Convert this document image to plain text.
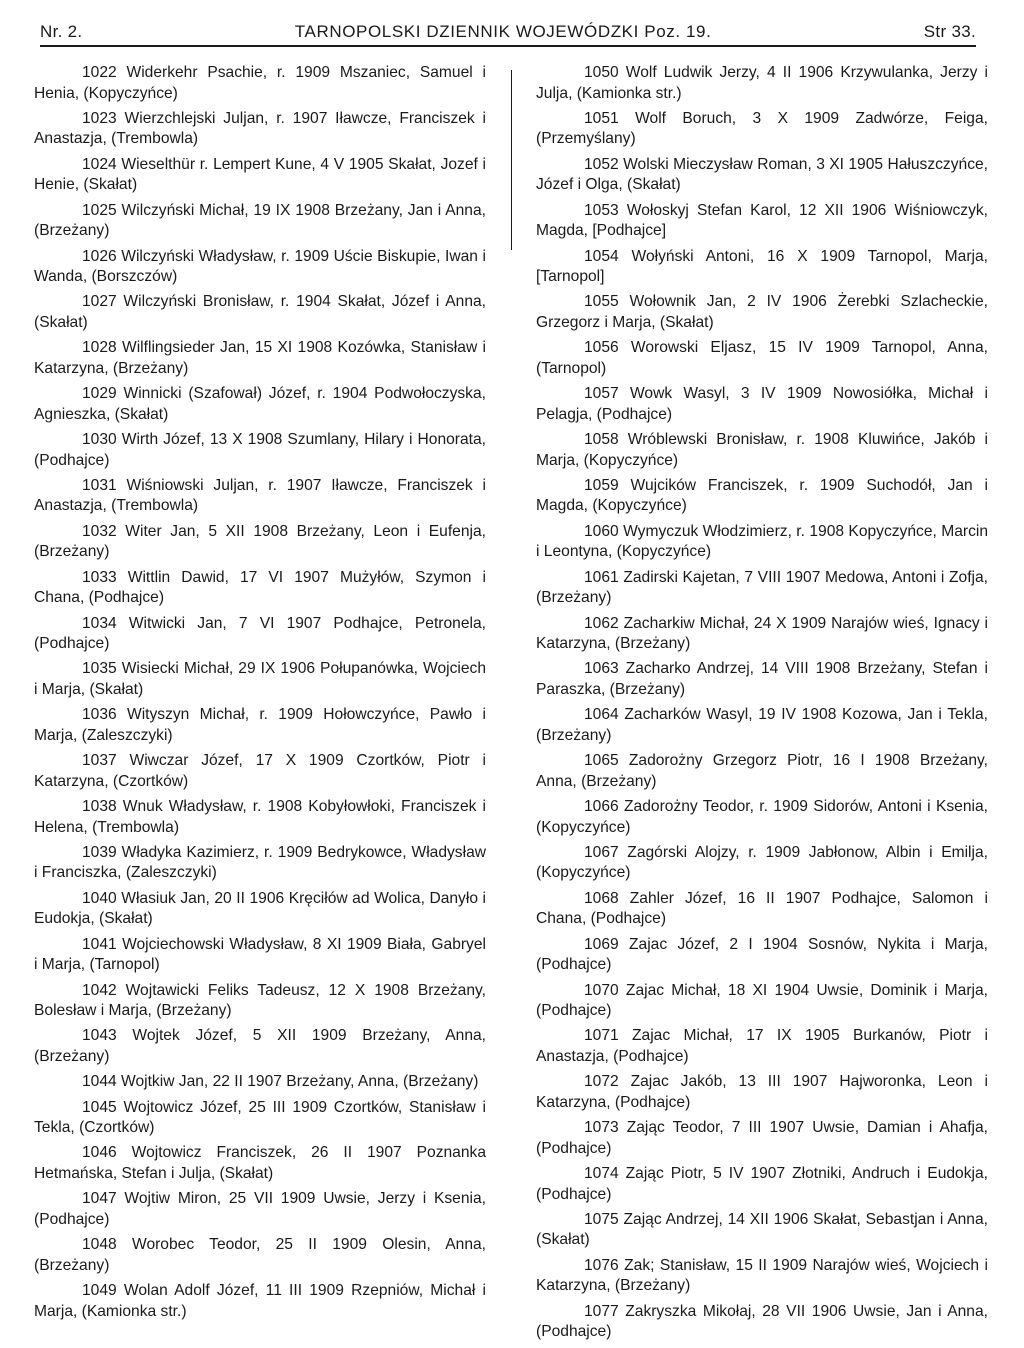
Nr. 2.	TARNOPOLSKI DZIENNIK WOJEWÓDZKI Poz. 19.	Str 33.

1022 Widerkehr Psachie, r. 1909 Mszaniec, Samuel i Henia, (Kopyczyńce)

1023 Wierzchlejski Juljan, r. 1907 Iławcze, Franciszek i Anastazja, (Trembowla)

1024 Wieselthür r. Lempert Kune, 4 V 1905 Skałat, Jozef i Henie, (Skałat)

1025 Wilczyński Michał, 19 IX 1908 Brzeżany, Jan i Anna, (Brzeżany)

1026 Wilczyński Władysław, r. 1909 Uście Biskupie, Iwan i Wanda, (Borszczów)

1027 Wilczyński Bronisław, r. 1904 Skałat, Józef i Anna, (Skałat)

1028 Wilflingsieder Jan, 15 XI 1908 Kozówka, Stanisław i Katarzyna, (Brzeżany)

1029 Winnicki (Szafował) Józef, r. 1904 Podwołoczyska, Agnieszka, (Skałat)

1030 Wirth Józef, 13 X 1908 Szumlany, Hilary i Honorata, (Podhajce)

1031 Wiśniowski Juljan, r. 1907 Iławcze, Franciszek i Anastazja, (Trembowla)

1032 Witer Jan, 5 XII 1908 Brzeżany, Leon i Eufenja, (Brzeżany)

1033 Wittlin Dawid, 17 VI 1907 Mużyłów, Szymon i Chana, (Podhajce)

1034 Witwicki Jan, 7 VI 1907 Podhajce, Petronela, (Podhajce)

1035 Wisiecki Michał, 29 IX 1906 Połupanówka, Wojciech i Marja, (Skałat)

1036 Wityszyn Michał, r. 1909 Hołowczyńce, Pawło i Marja, (Zaleszczyki)

1037 Wiwczar Józef, 17 X 1909 Czortków, Piotr i Katarzyna, (Czortków)

1038 Wnuk Władysław, r. 1908 Kobyłowłoki, Franciszek i Helena, (Trembowla)

1039 Władyka Kazimierz, r. 1909 Bedrykowce, Władysław i Franciszka, (Zaleszczyki)

1040 Własiuk Jan, 20 II 1906 Kręciłów ad Wolica, Danyło i Eudokja, (Skałat)

1041 Wojciechowski Władysław, 8 XI 1909 Biała, Gabryel i Marja, (Tarnopol)

1042 Wojtawicki Feliks Tadeusz, 12 X 1908 Brzeżany, Bolesław i Marja, (Brzeżany)

1043 Wojtek Józef, 5 XII 1909 Brzeżany, Anna, (Brzeżany)

1044 Wojtkiw Jan, 22 II 1907 Brzeżany, Anna, (Brzeżany)

1045 Wojtowicz Józef, 25 III 1909 Czortków, Stanisław i Tekla, (Czortków)

1046 Wojtowicz Franciszek, 26 II 1907 Poznanka Hetmańska, Stefan i Julja, (Skałat)

1047 Wojtiw Miron, 25 VII 1909 Uwsie, Jerzy i Ksenia, (Podhajce)

1048 Worobec Teodor, 25 II 1909 Olesin, Anna, (Brzeżany)

1049 Wolan Adolf Józef, 11 III 1909 Rzepniów, Michał i Marja, (Kamionka str.)

1050 Wolf Ludwik Jerzy, 4 II 1906 Krzywulanka, Jerzy i Julja, (Kamionka str.)

1051 Wolf Boruch, 3 X 1909 Zadwórze, Feiga, (Przemyślany)

1052 Wolski Mieczysław Roman, 3 XI 1905 Hałuszczyńce, Józef i Olga, (Skałat)

1053 Wołoskyj Stefan Karol, 12 XII 1906 Wiśniowczyk, Magda, [Podhajce]

1054 Wołyński Antoni, 16 X 1909 Tarnopol, Marja, [Tarnopol]

1055 Wołownik Jan, 2 IV 1906 Żerebki Szlacheckie, Grzegorz i Marja, (Skałat)

1056 Worowski Eljasz, 15 IV 1909 Tarnopol, Anna, (Tarnopol)

1057 Wowk Wasyl, 3 IV 1909 Nowosiółka, Michał i Pelagja, (Podhajce)

1058 Wróblewski Bronisław, r. 1908 Kluwińce, Jakób i Marja, (Kopyczyńce)

1059 Wujcików Franciszek, r. 1909 Suchodół, Jan i Magda, (Kopyczyńce)

1060 Wymyczuk Włodzimierz, r. 1908 Kopyczyńce, Marcin i Leontyna, (Kopyczyńce)

1061 Zadirski Kajetan, 7 VIII 1907 Medowa, Antoni i Zofja, (Brzeżany)

1062 Zacharkiw Michał, 24 X 1909 Narajów wieś, Ignacy i Katarzyna, (Brzeżany)

1063 Zacharko Andrzej, 14 VIII 1908 Brzeżany, Stefan i Paraszka, (Brzeżany)

1064 Zacharków Wasyl, 19 IV 1908 Kozowa, Jan i Tekla, (Brzeżany)

1065 Zadorożny Grzegorz Piotr, 16 I 1908 Brzeżany, Anna, (Brzeżany)

1066 Zadorożny Teodor, r. 1909 Sidorów, Antoni i Ksenia, (Kopyczyńce)

1067 Zagórski Alojzy, r. 1909 Jabłonow, Albin i Emilja, (Kopyczyńce)

1068 Zahler Józef, 16 II 1907 Podhajce, Salomon i Chana, (Podhajce)

1069 Zajac Józef, 2 I 1904 Sosnów, Nykita i Marja, (Podhajce)

1070 Zajac Michał, 18 XI 1904 Uwsie, Dominik i Marja, (Podhajce)

1071 Zajac Michał, 17 IX 1905 Burkanów, Piotr i Anastazja, (Podhajce)

1072 Zajac Jakób, 13 III 1907 Hajworonka, Leon i Katarzyna, (Podhajce)

1073 Zając Teodor, 7 III 1907 Uwsie, Damian i Ahafja, (Podhajce)

1074 Zając Piotr, 5 IV 1907 Złotniki, Andruch i Eudokja, (Podhajce)

1075 Zając Andrzej, 14 XII 1906 Skałat, Sebastjan i Anna, (Skałat)

1076 Zak; Stanisław, 15 II 1909 Narajów wieś, Wojciech i Katarzyna, (Brzeżany)

1077 Zakryszka Mikołaj, 28 VII 1906 Uwsie, Jan i Anna, (Podhajce)
